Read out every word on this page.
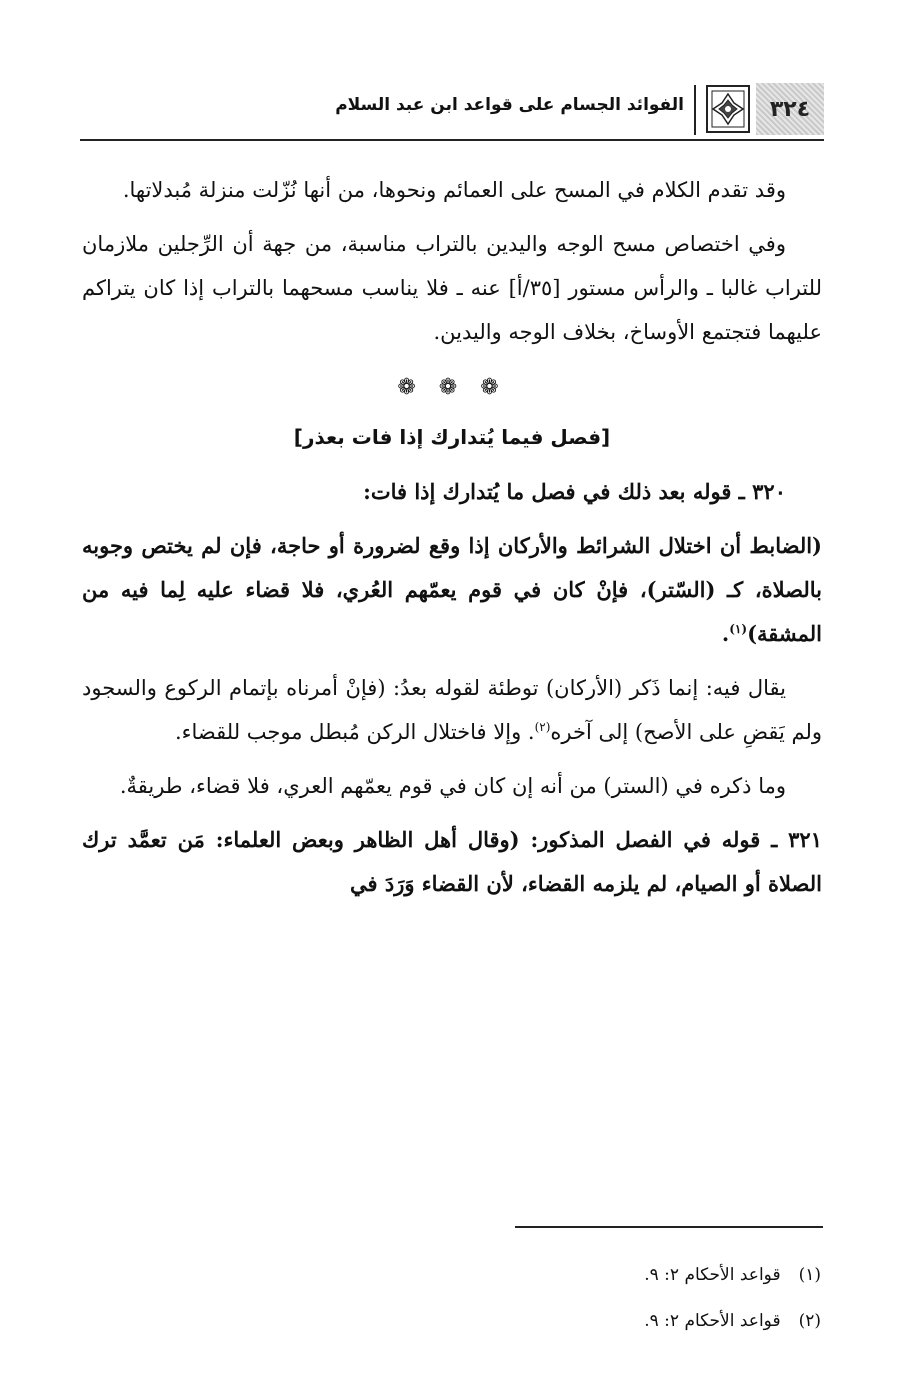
٣٢٤
الفوائد الجسام على قواعد ابن عبد السلام

وقد تقدم الكلام في المسح على العمائم ونحوها، من أنها نُزّلت منزلة مُبدلاتها.

وفي اختصاص مسح الوجه واليدين بالتراب مناسبة، من جهة أن الرِّجلين ملازمان للتراب غالبا ـ والرأس مستور [٣٥/أ] عنه ـ فلا يناسب مسحهما بالتراب إذا كان يتراكم عليهما فتجتمع الأوساخ، بخلاف الوجه واليدين.

❁ ❁ ❁
[فصل فيما يُتدارك إذا فات بعذر]

٣٢٠ ـ قوله بعد ذلك في فصل ما يُتدارك إذا فات:

(الضابط أن اختلال الشرائط والأركان إذا وقع لضرورة أو حاجة، فإن لم يختص وجوبه بالصلاة، كـ (السّتر)، فإنْ كان في قوم يعمّهم العُري، فلا قضاء عليه لِما فيه من المشقة)$^{(١)}$.

يقال فيه: إنما ذَكر (الأركان) توطئة لقوله بعدُ: (فإنْ أمرناه بإتمام الركوع والسجود ولم يَقضِ على الأصح) إلى آخره$^{(٢)}$. وإلا فاختلال الركن مُبطل موجب للقضاء.

وما ذكره في (الستر) من أنه إن كان في قوم يعمّهم العري، فلا قضاء، طريقةٌ.

٣٢١ ـ قوله في الفصل المذكور: (وقال أهل الظاهر وبعض العلماء: مَن تعمَّد ترك الصلاة أو الصيام، لم يلزمه القضاء، لأن القضاء وَرَدَ في

(١)قواعد الأحكام ٢: ٩.
(٢)قواعد الأحكام ٢: ٩.
